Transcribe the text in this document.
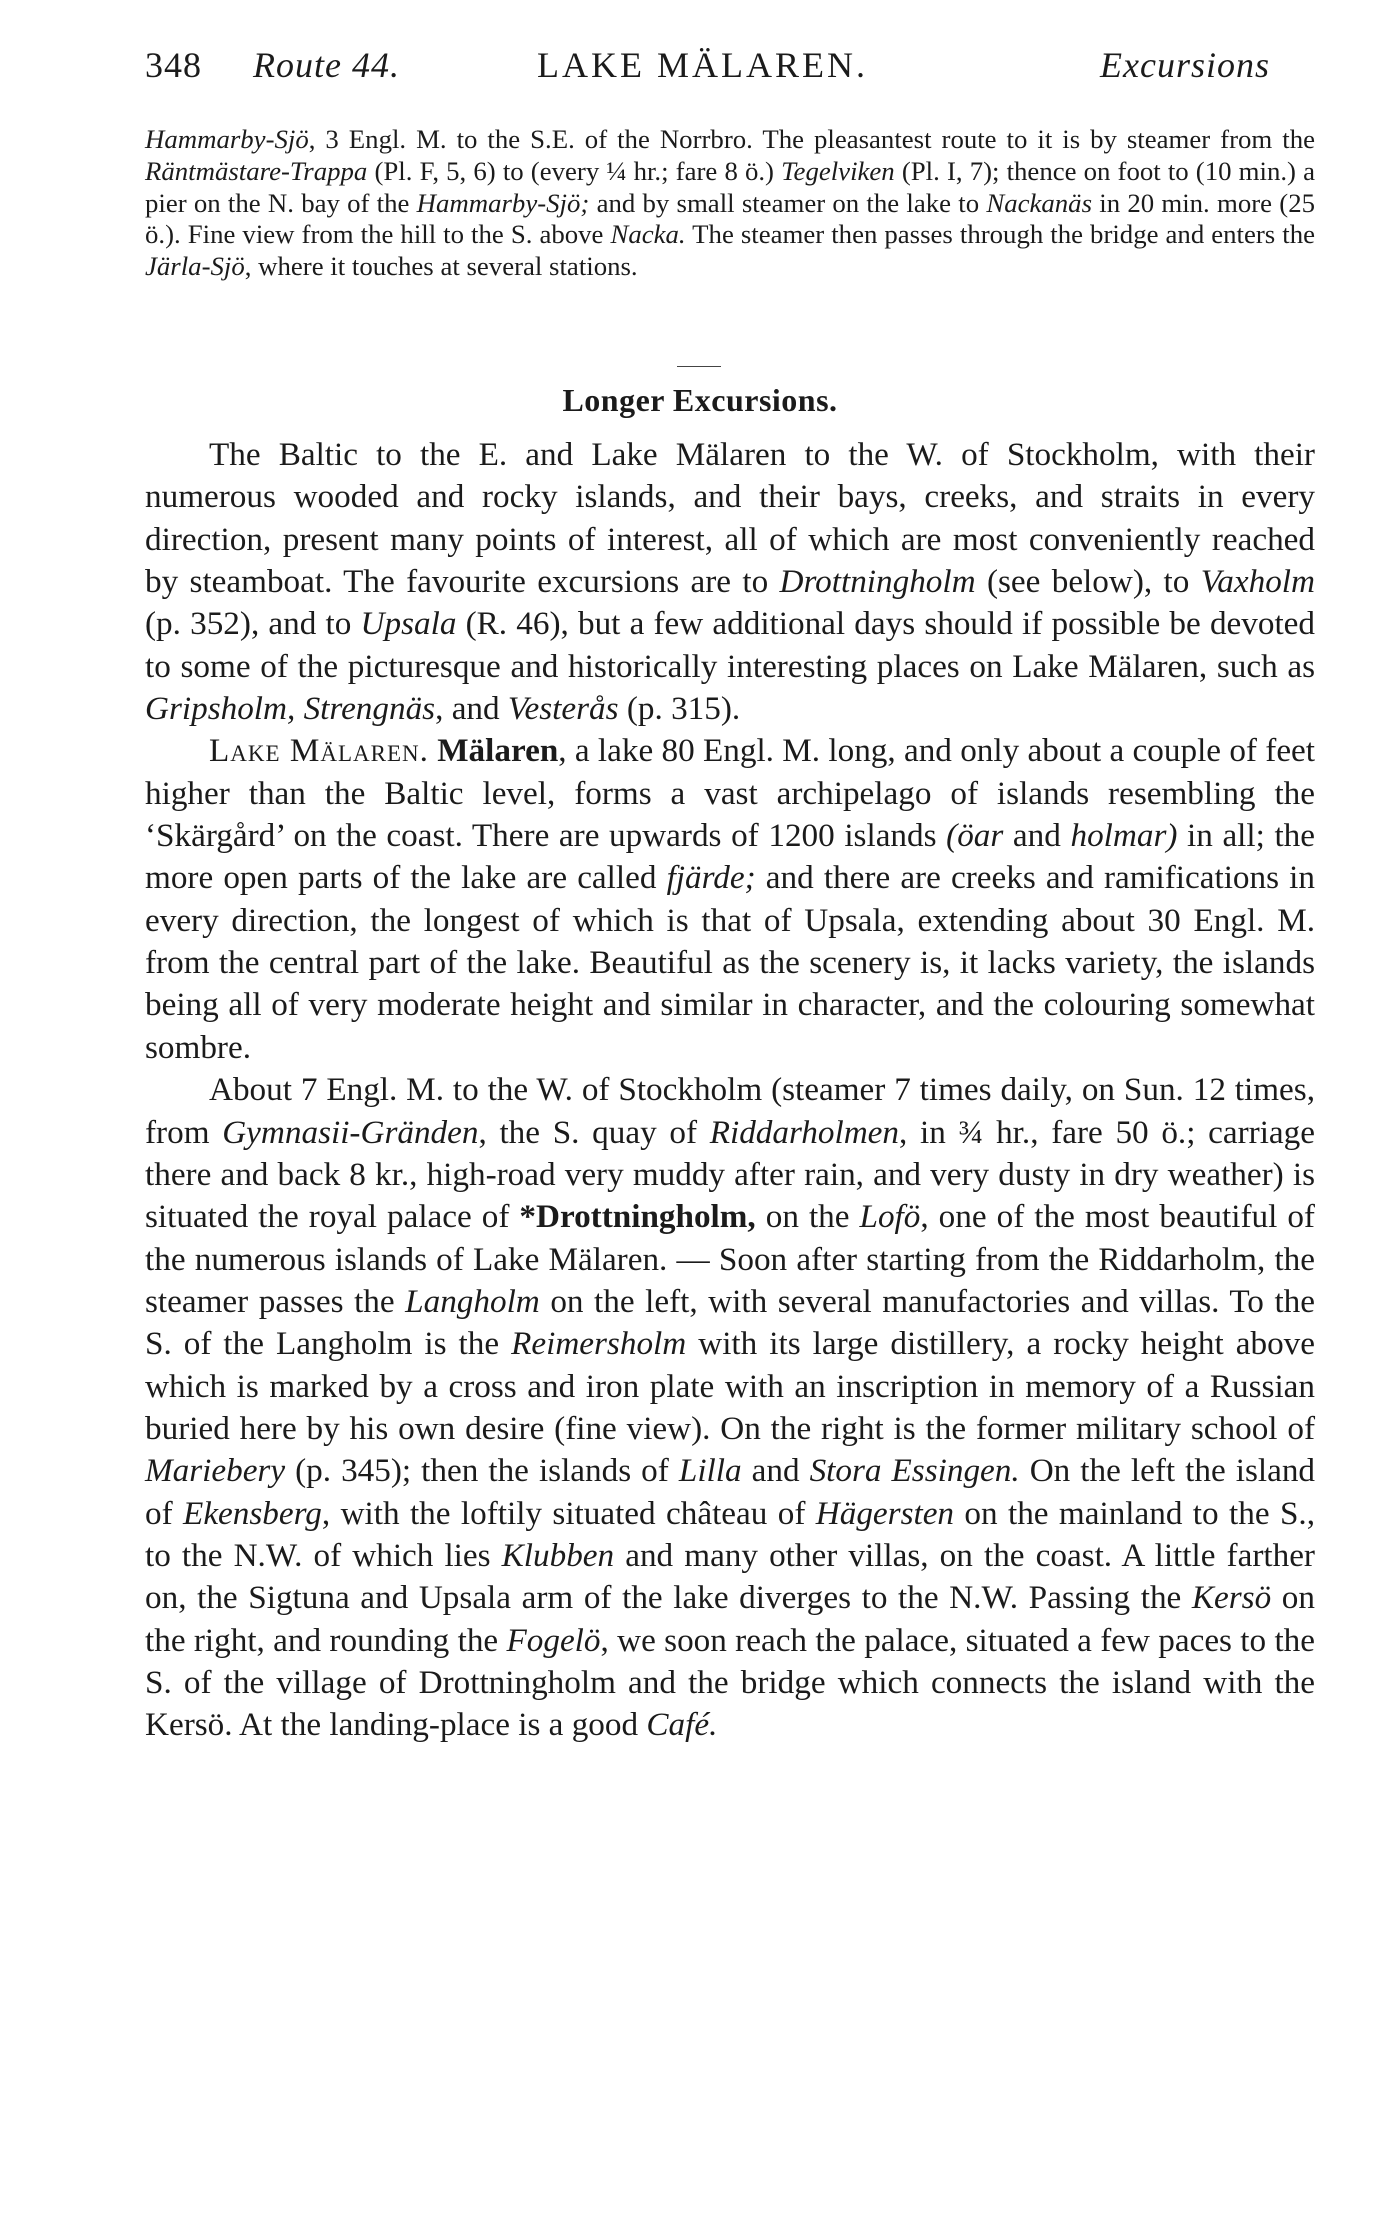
348 Route 44.	LAKE MÄLAREN.	Excursions

Hammarby-Sjö, 3 Engl. M. to the S.E. of the Norrbro. The pleasantest route to it is by steamer from the Räntmästare-Trappa (Pl. F, 5, 6) to (every ¼ hr.; fare 8 ö.) Tegelviken (Pl. I, 7); thence on foot to (10 min.) a pier on the N. bay of the Hammarby-Sjö; and by small steamer on the lake to Nackanäs in 20 min. more (25 ö.). Fine view from the hill to the S. above Nacka. The steamer then passes through the bridge and enters the Järla-Sjö, where it touches at several stations.

Longer Excursions.

The Baltic to the E. and Lake Mälaren to the W. of Stockholm, with their numerous wooded and rocky islands, and their bays, creeks, and straits in every direction, present many points of interest, all of which are most conveniently reached by steamboat. The favourite excursions are to Drottningholm (see below), to Vaxholm (p. 352), and to Upsala (R. 46), but a few additional days should if possible be devoted to some of the picturesque and historically interesting places on Lake Mälaren, such as Gripsholm, Strengnäs, and Vesterås (p. 315).

Lake Mälaren. Mälaren, a lake 80 Engl. M. long, and only about a couple of feet higher than the Baltic level, forms a vast archipelago of islands resembling the ‘Skärgård’ on the coast. There are upwards of 1200 islands (öar and holmar) in all; the more open parts of the lake are called fjärde; and there are creeks and ramifications in every direction, the longest of which is that of Upsala, extending about 30 Engl. M. from the central part of the lake. Beautiful as the scenery is, it lacks variety, the islands being all of very moderate height and similar in character, and the colouring somewhat sombre.

About 7 Engl. M. to the W. of Stockholm (steamer 7 times daily, on Sun. 12 times, from Gymnasii-Gränden, the S. quay of Riddarholmen, in ¾ hr., fare 50 ö.; carriage there and back 8 kr., high-road very muddy after rain, and very dusty in dry weather) is situated the royal palace of *Drottningholm, on the Lofö, one of the most beautiful of the numerous islands of Lake Mälaren. — Soon after starting from the Riddarholm, the steamer passes the Langholm on the left, with several manufactories and villas. To the S. of the Langholm is the Reimersholm with its large distillery, a rocky height above which is marked by a cross and iron plate with an inscription in memory of a Russian buried here by his own desire (fine view). On the right is the former military school of Mariebery (p. 345); then the islands of Lilla and Stora Essingen. On the left the island of Ekensberg, with the loftily situated château of Hägersten on the mainland to the S., to the N.W. of which lies Klubben and many other villas, on the coast. A little farther on, the Sigtuna and Upsala arm of the lake diverges to the N.W. Passing the Kersö on the right, and rounding the Fogelö, we soon reach the palace, situated a few paces to the S. of the village of Drottningholm and the bridge which connects the island with the Kersö. At the landing-place is a good Café.
